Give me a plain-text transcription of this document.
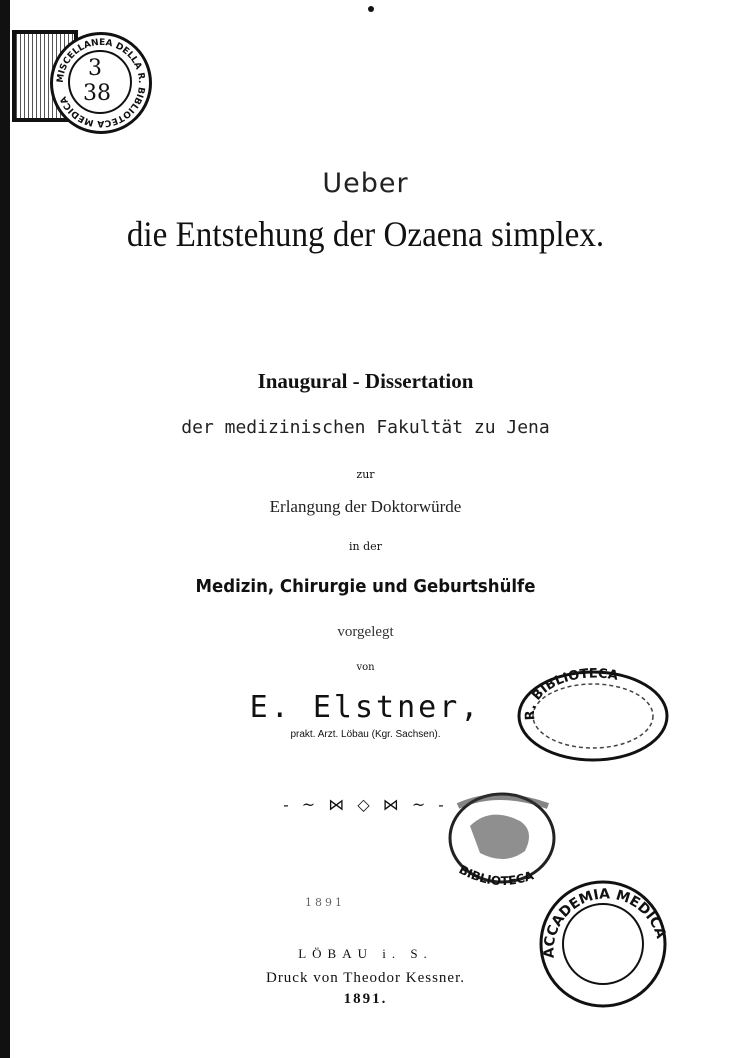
MISCELLANEA DELLA R. BIBLIOTECA MEDICA
3
38
Ueber
die Entstehung der Ozaena simplex.
Inaugural - Dissertation
der medizinischen Fakultät zu Jena
zur
Erlangung der Doktorwürde
in der
Medizin, Chirurgie und Geburtshülfe
vorgelegt
von
E. Elstner,
prakt. Arzt. Löbau (Kgr. Sachsen).
- ~ ⋈ ◇ ⋈ ~ -
1891
LÖBAU i. S.
Druck von Theodor Kessner.
1891.
R. BIBLIOTECA
BIBLIOTECA
ACCADEMIA MEDICA
